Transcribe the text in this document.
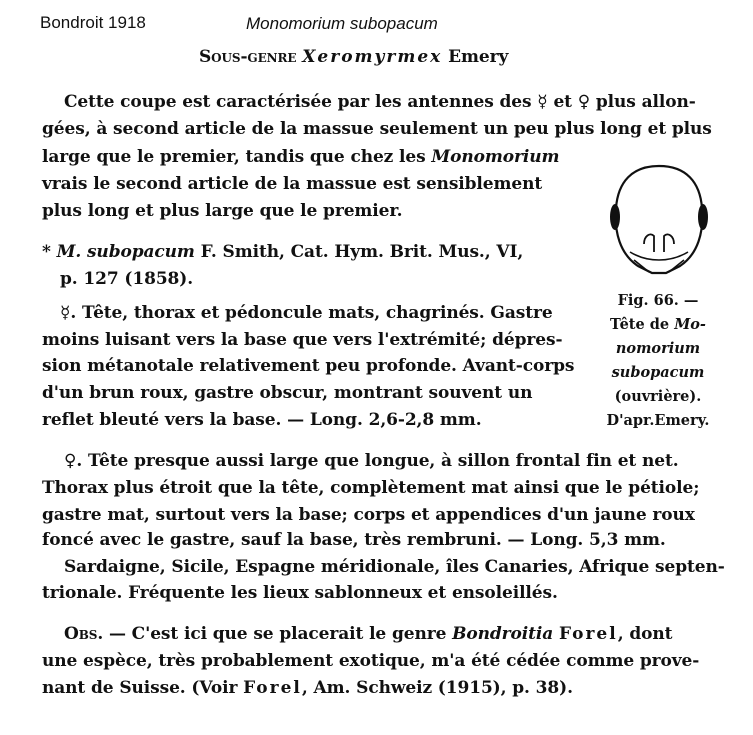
Bondroit 1918	Monomorium subopacum
Sous-genre Xeromyrmex Emery
Cette coupe est caractérisée par les antennes des ☿ et ♀ plus allon-
gées, à second article de la massue seulement un peu plus long et plus
large que le premier, tandis que chez les Monomorium
vrais le second article de la massue est sensiblement
plus long et plus large que le premier.
* M. subopacum F. Smith, Cat. Hym. Brit. Mus., VI,
p. 127 (1858).
☿. Tête, thorax et pédoncule mats, chagrinés. Gastre
moins luisant vers la base que vers l'extrémité; dépres-
sion métanotale relativement peu profonde. Avant-corps
d'un brun roux, gastre obscur, montrant souvent un
reflet bleuté vers la base. — Long. 2,6-2,8 mm.
Fig. 66. —
Tête de Mo-
nomorium
subopacum
(ouvrière).
D'apr.Emery.
♀. Tête presque aussi large que longue, à sillon frontal fin et net.
Thorax plus étroit que la tête, complètement mat ainsi que le pétiole;
gastre mat, surtout vers la base; corps et appendices d'un jaune roux
foncé avec le gastre, sauf la base, très rembruni. — Long. 5,3 mm.
Sardaigne, Sicile, Espagne méridionale, îles Canaries, Afrique septen-
trionale. Fréquente les lieux sablonneux et ensoleillés.
Obs. — C'est ici que se placerait le genre Bondroitia Forel, dont
une espèce, très probablement exotique, m'a été cédée comme prove-
nant de Suisse. (Voir Forel, Am. Schweiz (1915), p. 38).
